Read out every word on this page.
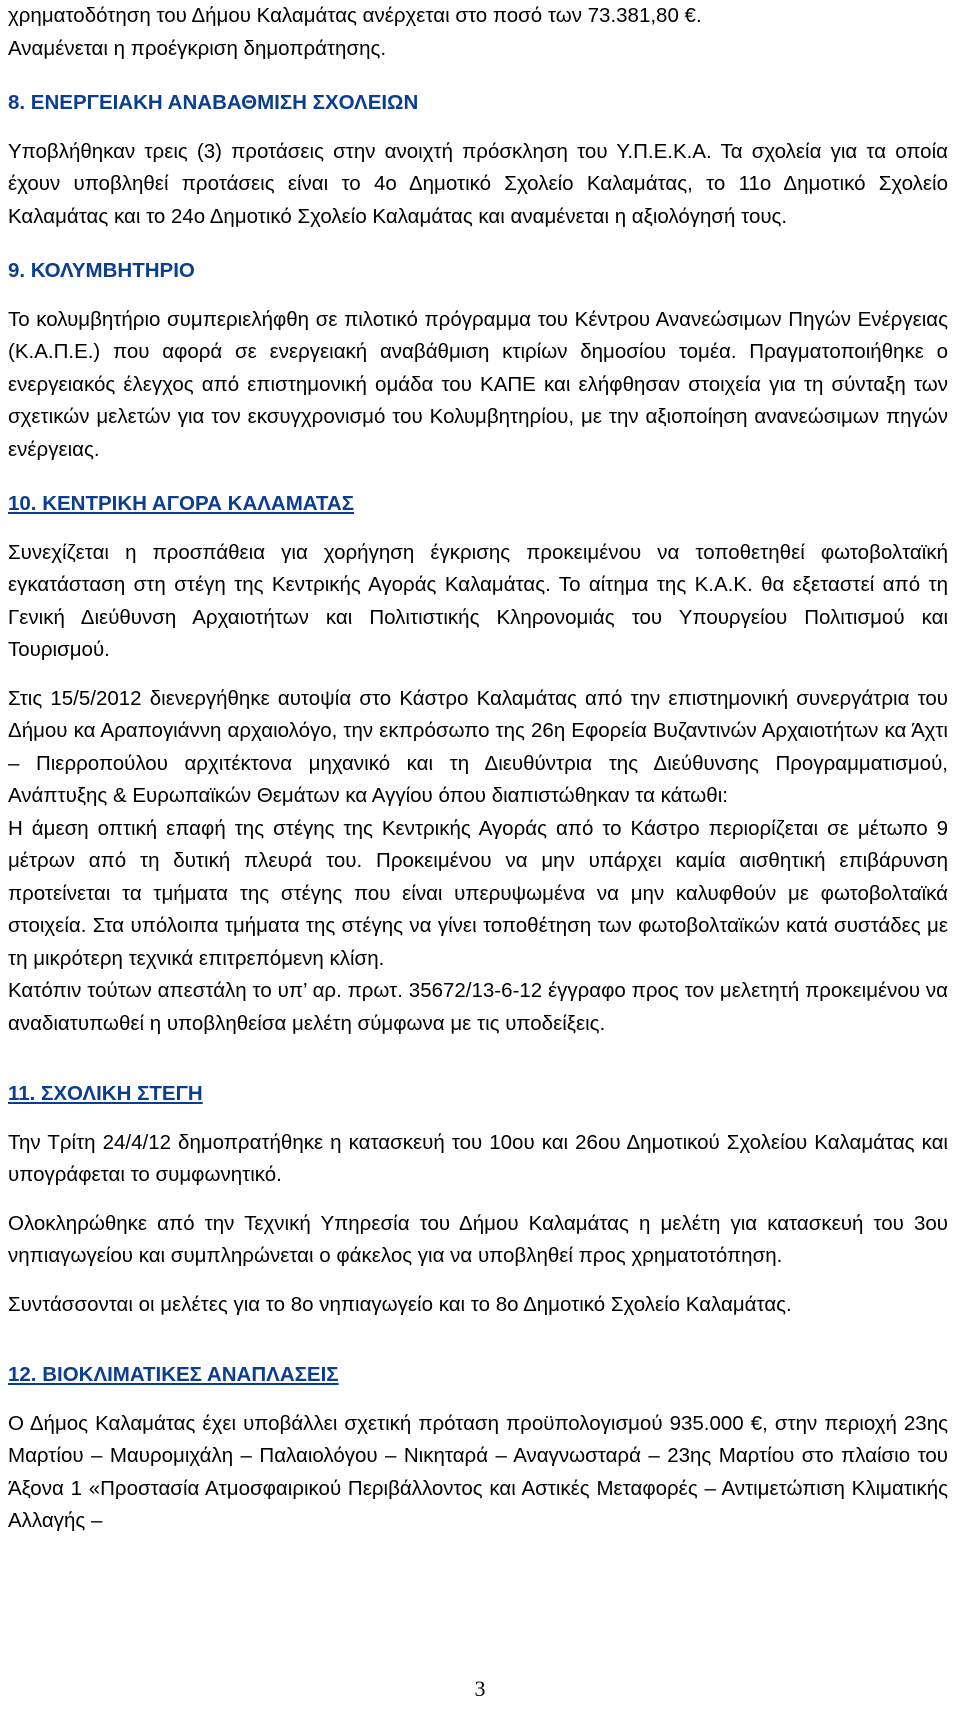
χρηματοδότηση του Δήμου Καλαμάτας ανέρχεται στο ποσό των 73.381,80 €.

Αναμένεται η προέγκριση δημοπράτησης.

8. ΕΝΕΡΓΕΙΑΚΗ ΑΝΑΒΑΘΜΙΣΗ ΣΧΟΛΕΙΩΝ

Υποβλήθηκαν τρεις (3) προτάσεις στην ανοιχτή πρόσκληση του Υ.Π.Ε.Κ.Α. Τα σχολεία για τα οποία έχουν υποβληθεί προτάσεις είναι το 4ο Δημοτικό Σχολείο Καλαμάτας, το 11ο Δημοτικό Σχολείο Καλαμάτας και το 24ο Δημοτικό Σχολείο Καλαμάτας και αναμένεται η αξιολόγησή τους.

9. ΚΟΛΥΜΒΗΤΗΡΙΟ

Το κολυμβητήριο συμπεριελήφθη σε πιλοτικό πρόγραμμα του Κέντρου Ανανεώσιμων Πηγών Ενέργειας (Κ.Α.Π.Ε.) που αφορά σε ενεργειακή αναβάθμιση κτιρίων δημοσίου τομέα. Πραγματοποιήθηκε ο ενεργειακός έλεγχος από επιστημονική ομάδα του ΚΑΠΕ και ελήφθησαν στοιχεία για τη σύνταξη των σχετικών μελετών για τον εκσυγχρονισμό του Κολυμβητηρίου, με την αξιοποίηση ανανεώσιμων πηγών ενέργειας.

10. ΚΕΝΤΡΙΚΗ ΑΓΟΡΑ ΚΑΛΑΜΑΤΑΣ

Συνεχίζεται η προσπάθεια για χορήγηση έγκρισης προκειμένου να τοποθετηθεί φωτοβολταϊκή εγκατάσταση στη στέγη της Κεντρικής Αγοράς Καλαμάτας. Το αίτημα της Κ.Α.Κ. θα εξεταστεί από τη Γενική Διεύθυνση Αρχαιοτήτων και Πολιτιστικής Κληρονομιάς του Υπουργείου Πολιτισμού και Τουρισμού.

Στις 15/5/2012 διενεργήθηκε αυτοψία στο Κάστρο Καλαμάτας από την επιστημονική συνεργάτρια του Δήμου κα Αραπογιάννη αρχαιολόγο, την εκπρόσωπο της 26η Εφορεία Βυζαντινών Αρχαιοτήτων κα Άχτι – Πιερροπούλου αρχιτέκτονα μηχανικό και τη Διευθύντρια της Διεύθυνσης Προγραμματισμού, Ανάπτυξης & Ευρωπαϊκών Θεμάτων κα Αγγίου όπου διαπιστώθηκαν τα κάτωθι:

Η άμεση οπτική επαφή της στέγης της Κεντρικής Αγοράς από το Κάστρο περιορίζεται σε μέτωπο 9 μέτρων από τη δυτική πλευρά του. Προκειμένου να μην υπάρχει καμία αισθητική επιβάρυνση προτείνεται τα τμήματα της στέγης που είναι υπερυψωμένα να μην καλυφθούν με φωτοβολταϊκά στοιχεία. Στα υπόλοιπα τμήματα της στέγης να γίνει τοποθέτηση των φωτοβολταϊκών κατά συστάδες με τη μικρότερη τεχνικά επιτρεπόμενη κλίση.

Κατόπιν τούτων απεστάλη το υπ’ αρ. πρωτ. 35672/13-6-12 έγγραφο προς τον μελετητή προκειμένου να αναδιατυπωθεί η υποβληθείσα μελέτη σύμφωνα με τις υποδείξεις.

11. ΣΧΟΛΙΚΗ ΣΤΕΓΗ

Την Τρίτη 24/4/12 δημοπρατήθηκε η κατασκευή του 10ου και 26ου Δημοτικού Σχολείου Καλαμάτας και υπογράφεται το συμφωνητικό.

Ολοκληρώθηκε από την Τεχνική Υπηρεσία του Δήμου Καλαμάτας η μελέτη για κατασκευή του 3ου νηπιαγωγείου και συμπληρώνεται ο φάκελος για να υποβληθεί προς χρηματοτόπηση.

Συντάσσονται οι μελέτες για το 8ο νηπιαγωγείο και το 8ο Δημοτικό Σχολείο Καλαμάτας.

12. ΒΙΟΚΛΙΜΑΤΙΚΕΣ ΑΝΑΠΛΑΣΕΙΣ

Ο Δήμος Καλαμάτας έχει υποβάλλει σχετική πρόταση προϋπολογισμού 935.000 €, στην περιοχή 23ης Μαρτίου – Μαυρομιχάλη – Παλαιολόγου – Νικηταρά – Αναγνωσταρά – 23ης Μαρτίου στο πλαίσιο του Άξονα 1 «Προστασία Ατμοσφαιρικού Περιβάλλοντος και Αστικές Μεταφορές – Αντιμετώπιση Κλιματικής Αλλαγής –

3
